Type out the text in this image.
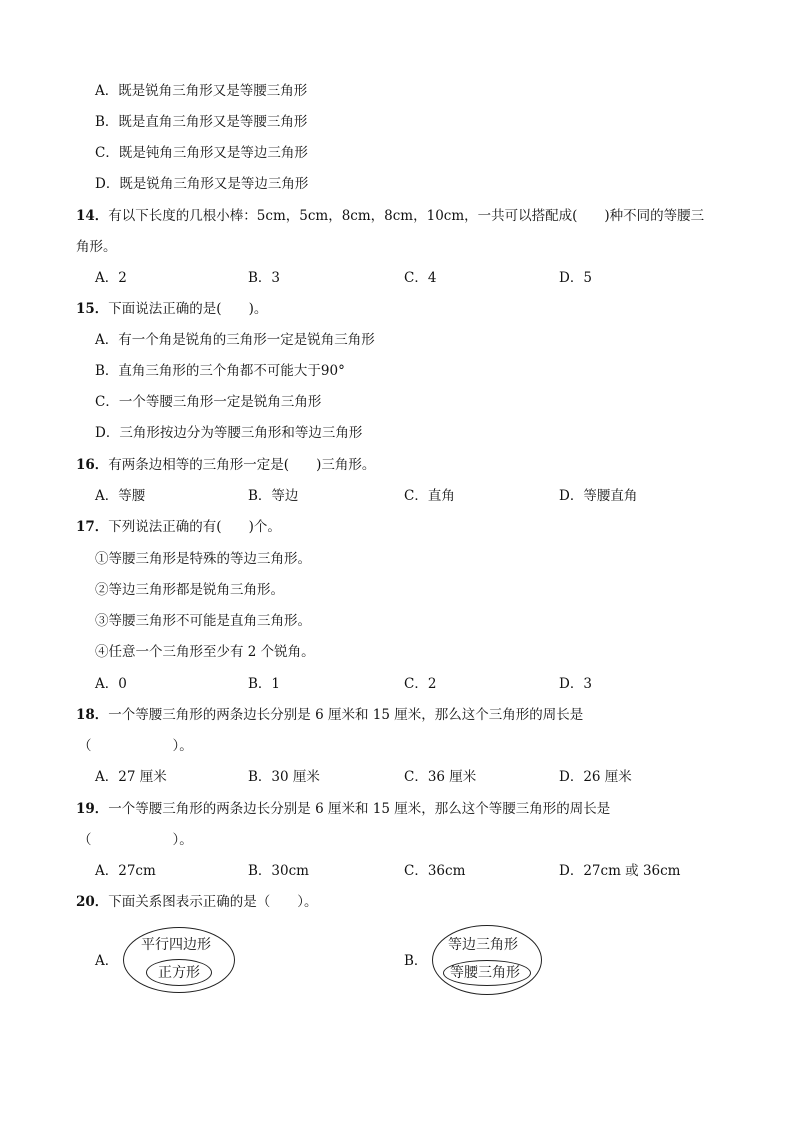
A．既是锐角三角形又是等腰三角形
B．既是直角三角形又是等腰三角形
C．既是钝角三角形又是等边三角形
D．既是锐角三角形又是等边三角形
14．有以下长度的几根小棒：5cm，5cm，8cm，8cm，10cm，一共可以搭配成(　　)种不同的等腰三
角形。
A．2	B．3	C．4	D．5
15．下面说法正确的是(　　)。
A．有一个角是锐角的三角形一定是锐角三角形
B．直角三角形的三个角都不可能大于90°
C．一个等腰三角形一定是锐角三角形
D．三角形按边分为等腰三角形和等边三角形
16．有两条边相等的三角形一定是(　　)三角形。
A．等腰	B．等边	C．直角	D．等腰直角
17．下列说法正确的有(　　)个。
①等腰三角形是特殊的等边三角形。
②等边三角形都是锐角三角形。
③等腰三角形不可能是直角三角形。
④任意一个三角形至少有 2 个锐角。
A．0	B．1	C．2	D．3
18．一个等腰三角形的两条边长分别是 6 厘米和 15 厘米，那么这个三角形的周长是
（　　　　　　）。
A．27 厘米	B．30 厘米	C．36 厘米	D．26 厘米
19．一个等腰三角形的两条边长分别是 6 厘米和 15 厘米，那么这个等腰三角形的周长是
（　　　　　　）。
A．27cm	B．30cm	C．36cm	D．27cm 或 36cm
20．下面关系图表示正确的是（　　）。
A．
平行四边形
正方形
B．
等边三角形
等腰三角形
